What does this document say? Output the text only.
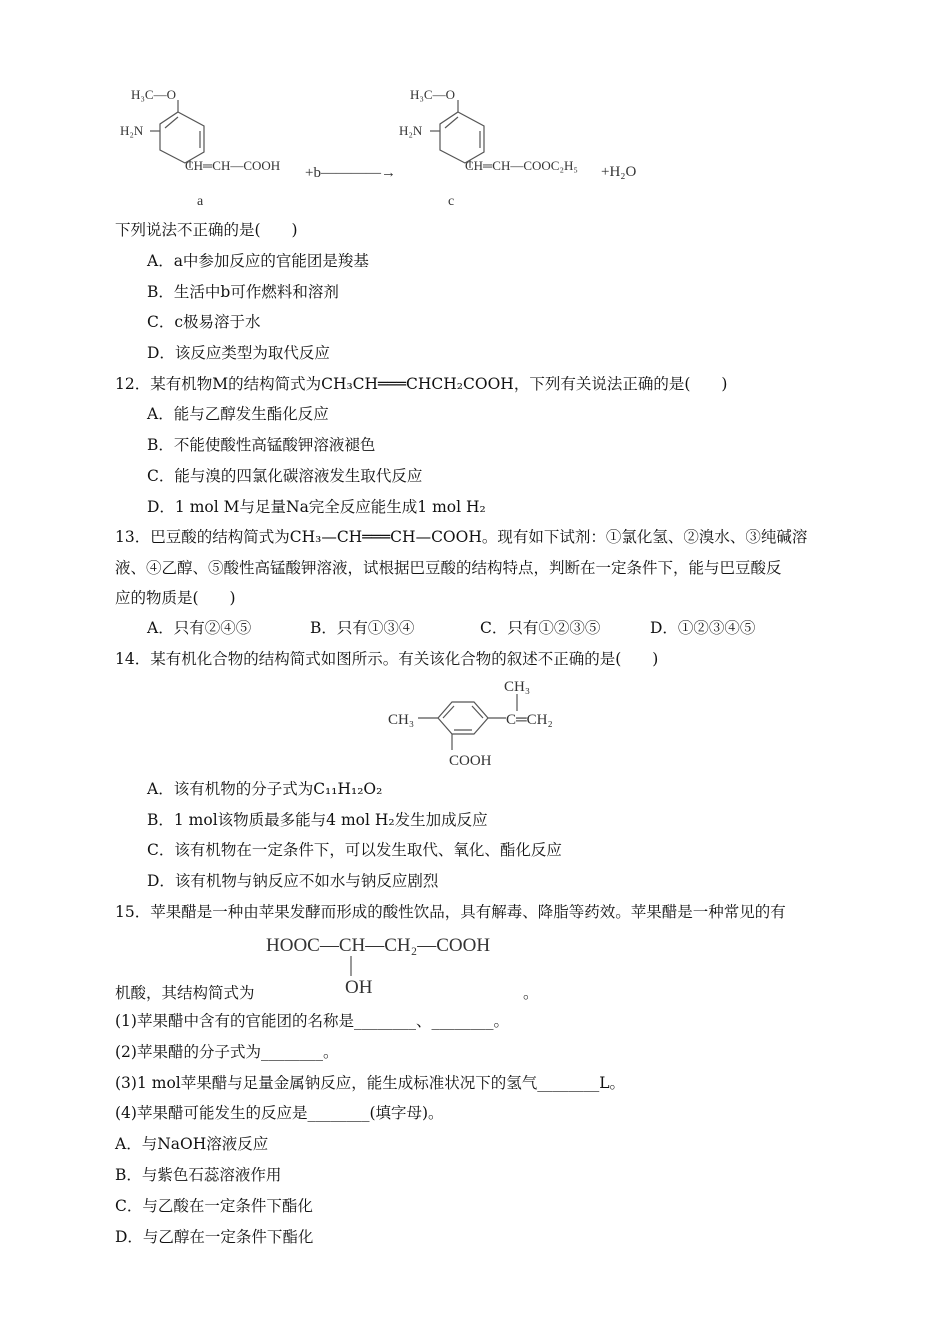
H₃C—O
H₂N
CH═CH—COOH +b————→
a
H₃C—O
H₂N
CH═CH—COOC₂H₅ +H₂O
c
CH₃
CH₃
C═CH₂
COOH
HOOC—CH—CH₂—COOH
OH
下列说法不正确的是(　　)
A．a中参加反应的官能团是羧基
B．生活中b可作燃料和溶剂
C．c极易溶于水
D．该反应类型为取代反应
12．某有机物M的结构简式为CH₃CH═══CHCH₂COOH，下列有关说法正确的是(　　)
A．能与乙醇发生酯化反应
B．不能使酸性高锰酸钾溶液褪色
C．能与溴的四氯化碳溶液发生取代反应
D．1 mol M与足量Na完全反应能生成1 mol H₂
13．巴豆酸的结构简式为CH₃—CH═══CH—COOH。现有如下试剂：①氯化氢、②溴水、③纯碱溶
液、④乙醇、⑤酸性高锰酸钾溶液，试根据巴豆酸的结构特点，判断在一定条件下，能与巴豆酸反
应的物质是(　　)
A．只有②④⑤	B．只有①③④	C．只有①②③⑤	D．①②③④⑤
14．某有机化合物的结构简式如图所示。有关该化合物的叙述不正确的是(　　)
A．该有机物的分子式为C₁₁H₁₂O₂
B．1 mol该物质最多能与4 mol H₂发生加成反应
C．该有机物在一定条件下，可以发生取代、氧化、酯化反应
D．该有机物与钠反应不如水与钠反应剧烈
15．苹果醋是一种由苹果发酵而形成的酸性饮品，具有解毒、降脂等药效。苹果醋是一种常见的有
机酸，其结构简式为	。
(1)苹果醋中含有的官能团的名称是________、________。
(2)苹果醋的分子式为________。
(3)1 mol苹果醋与足量金属钠反应，能生成标准状况下的氢气________L。
(4)苹果醋可能发生的反应是________(填字母)。
A．与NaOH溶液反应
B．与紫色石蕊溶液作用
C．与乙酸在一定条件下酯化
D．与乙醇在一定条件下酯化
